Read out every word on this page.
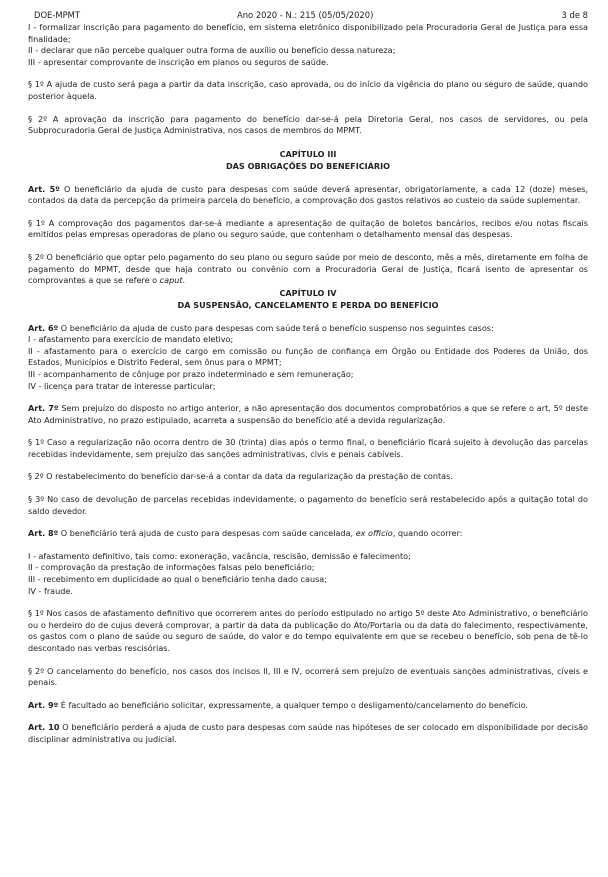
DOE-MPMT	Ano 2020 - N.: 215 (05/05/2020)	3 de 8

I - formalizar inscrição para pagamento do benefício, em sistema eletrônico disponibilizado pela Procuradoria Geral de Justiça para essa finalidade;

II - declarar que não percebe qualquer outra forma de auxílio ou benefício dessa natureza;

III - apresentar comprovante de inscrição em planos ou seguros de saúde.

§ 1º A ajuda de custo será paga a partir da data inscrição, caso aprovada, ou do início da vigência do plano ou seguro de saúde, quando posterior àquela.

§ 2º A aprovação da inscrição para pagamento do benefício dar-se-á pela Diretoria Geral, nos casos de servidores, ou pela Subprocuradoria Geral de Justiça Administrativa, nos casos de membros do MPMT.

CAPÍTULO III
DAS OBRIGAÇÕES DO BENEFICIÁRIO

Art. 5º O beneficiário da ajuda de custo para despesas com saúde deverá apresentar, obrigatoriamente, a cada 12 (doze) meses, contados da data da percepção da primeira parcela do benefício, a comprovação dos gastos relativos ao custeio da saúde suplementar.

§ 1º A comprovação dos pagamentos dar-se-á mediante a apresentação de quitação de boletos bancários, recibos e/ou notas fiscais emitidos pelas empresas operadoras de plano ou seguro saúde, que contenham o detalhamento mensal das despesas.

§ 2º O beneficiário que optar pelo pagamento do seu plano ou seguro saúde por meio de desconto, mês a mês, diretamente em folha de pagamento do MPMT, desde que haja contrato ou convênio com a Procuradoria Geral de Justiça, ficará isento de apresentar os comprovantes a que se refere o caput.

CAPÍTULO IV
DA SUSPENSÃO, CANCELAMENTO E PERDA DO BENEFÍCIO

Art. 6º O beneficiário da ajuda de custo para despesas com saúde terá o benefício suspenso nos seguintes casos:

I - afastamento para exercício de mandato eletivo;

II - afastamento para o exercício de cargo em comissão ou função de confiança em Órgão ou Entidade dos Poderes da União, dos Estados, Municípios e Distrito Federal, sem ônus para o MPMT;

III - acompanhamento de cônjuge por prazo indeterminado e sem remuneração;

IV - licença para tratar de interesse particular;

Art. 7º Sem prejuízo do disposto no artigo anterior, a não apresentação dos documentos comprobatórios a que se refere o art. 5º deste Ato Administrativo, no prazo estipulado, acarreta a suspensão do benefício até a devida regularização.

§ 1º Caso a regularização não ocorra dentro de 30 (trinta) dias após o termo final, o beneficiário ficará sujeito à devolução das parcelas recebidas indevidamente, sem prejuízo das sanções administrativas, civis e penais cabíveis.

§ 2º O restabelecimento do benefício dar-se-á a contar da data da regularização da prestação de contas.

§ 3º No caso de devolução de parcelas recebidas indevidamente, o pagamento do benefício será restabelecido após a quitação total do saldo devedor.

Art. 8º O beneficiário terá ajuda de custo para despesas com saúde cancelada, ex officio, quando ocorrer:

I - afastamento definitivo, tais como: exoneração, vacância, rescisão, demissão e falecimento;

II - comprovação da prestação de informações falsas pelo beneficiário;

III - recebimento em duplicidade ao qual o beneficiário tenha dado causa;

IV - fraude.

§ 1º Nos casos de afastamento definitivo que ocorrerem antes do período estipulado no artigo 5º deste Ato Administrativo, o beneficiário ou o herdeiro do de cujus deverá comprovar, a partir da data da publicação do Ato/Portaria ou da data do falecimento, respectivamente, os gastos com o plano de saúde ou seguro de saúde, do valor e do tempo equivalente em que se recebeu o benefício, sob pena de tê-lo descontado nas verbas rescisórias.

§ 2º O cancelamento do benefício, nos casos dos incisos II, III e IV, ocorrerá sem prejuízo de eventuais sanções administrativas, cíveis e penais.

Art. 9º É facultado ao beneficiário solicitar, expressamente, a qualquer tempo o desligamento/cancelamento do benefício.

Art. 10 O beneficiário perderá a ajuda de custo para despesas com saúde nas hipóteses de ser colocado em disponibilidade por decisão disciplinar administrativa ou judicial.
